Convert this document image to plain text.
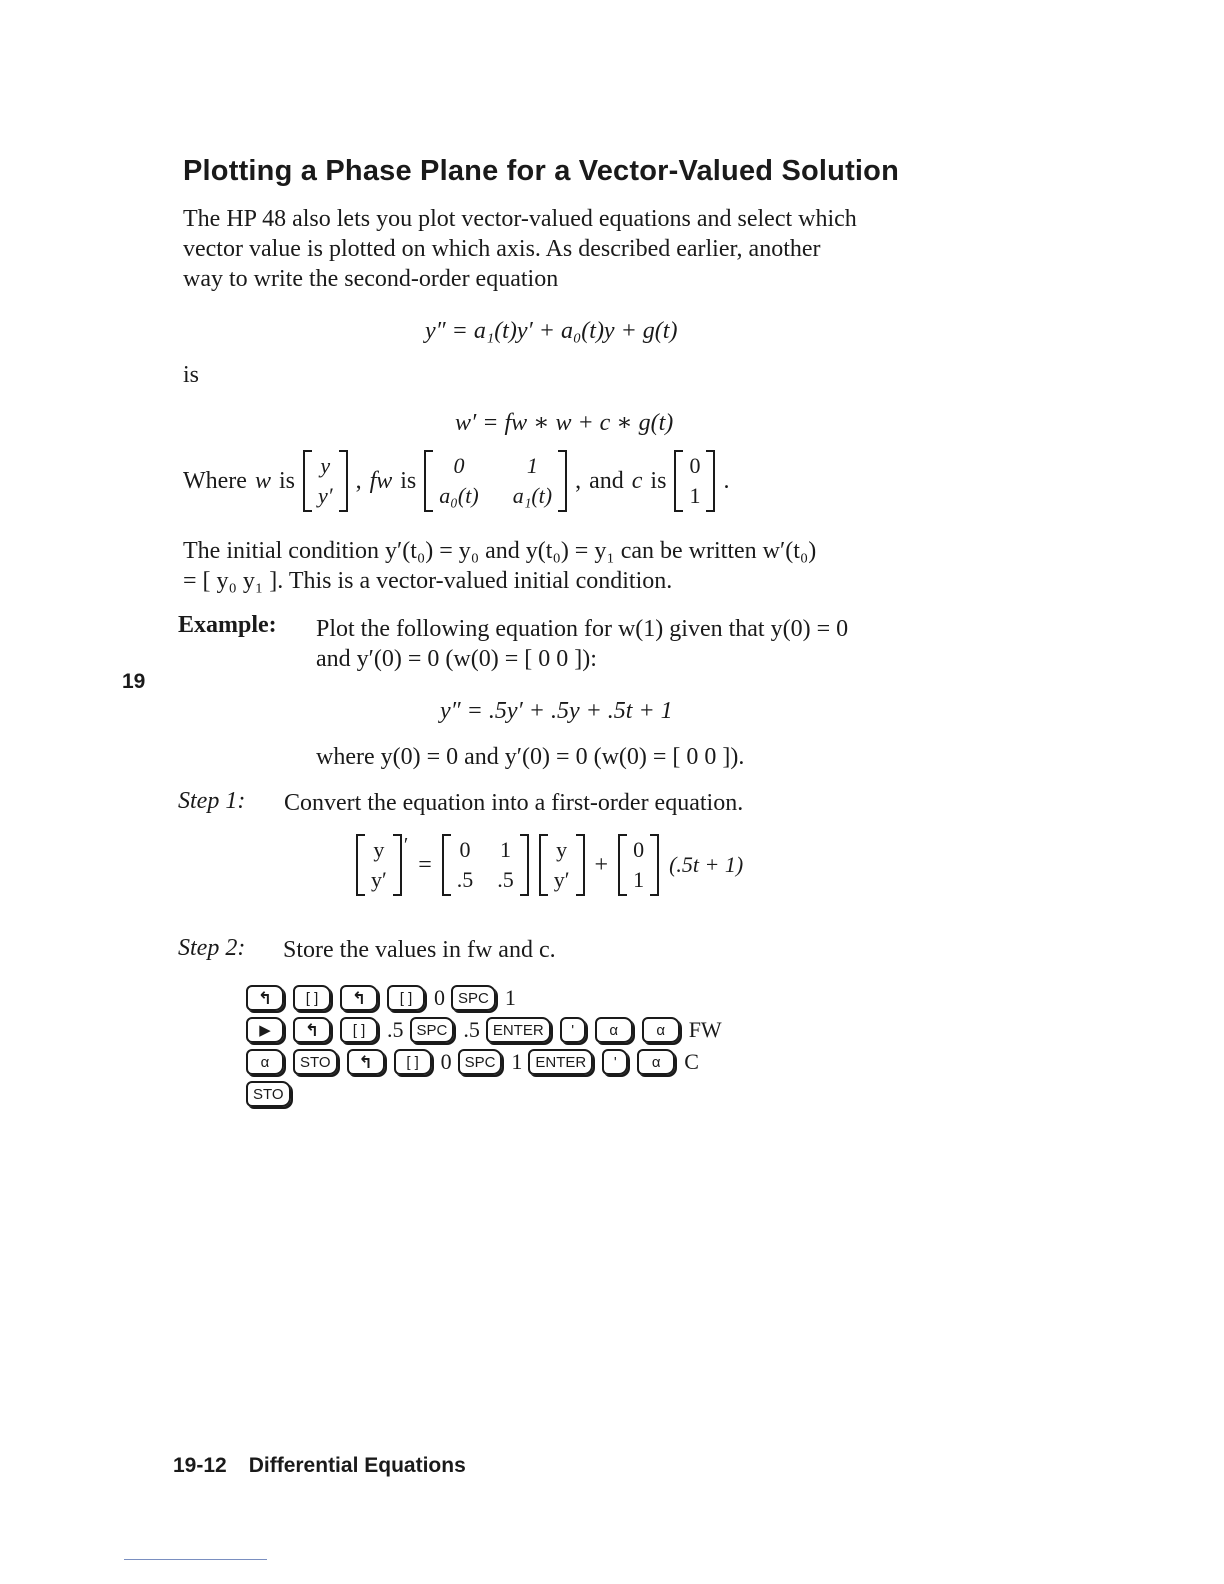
Plotting a Phase Plane for a Vector-Valued Solution
The HP 48 also lets you plot vector-valued equations and select which
vector value is plotted on which axis. As described earlier, another
way to write the second-order equation
y″ = a₁(t)y′ + a₀(t)y + g(t)
is
w′ = fw ∗ w + c ∗ g(t)
Where w is
y
y′
, fw is
0	1
a₀(t) a₁(t)
, and c is
0
1
.
The initial condition y′(t₀) = y₀ and y(t₀) = y₁ can be written w′(t₀)
= [ y₀ y₁ ]. This is a vector-valued initial condition.
19
Example: Plot the following equation for w(1) given that y(0) = 0
and y′(0) = 0 (w(0) = [ 0 0 ]):
y″ = .5y′ + .5y + .5t + 1
where y(0) = 0 and y′(0) = 0 (w(0) = [ 0 0 ]).
Step 1: Convert the equation into a first-order equation.
y
y′
′
=
0 1
.5 .5
y
y′
+
0
1
(.5t + 1)
Step 2: Store the values in fw and c.
↰	[ ]	↰	[ ] 0 SPC 1
▶	↰	[ ] .5 SPC .5 ENTER	'	α	α	FW
α	STO	↰	[ ] 0 SPC 1 ENTER	'	α	C
STO
19-12 Differential Equations
